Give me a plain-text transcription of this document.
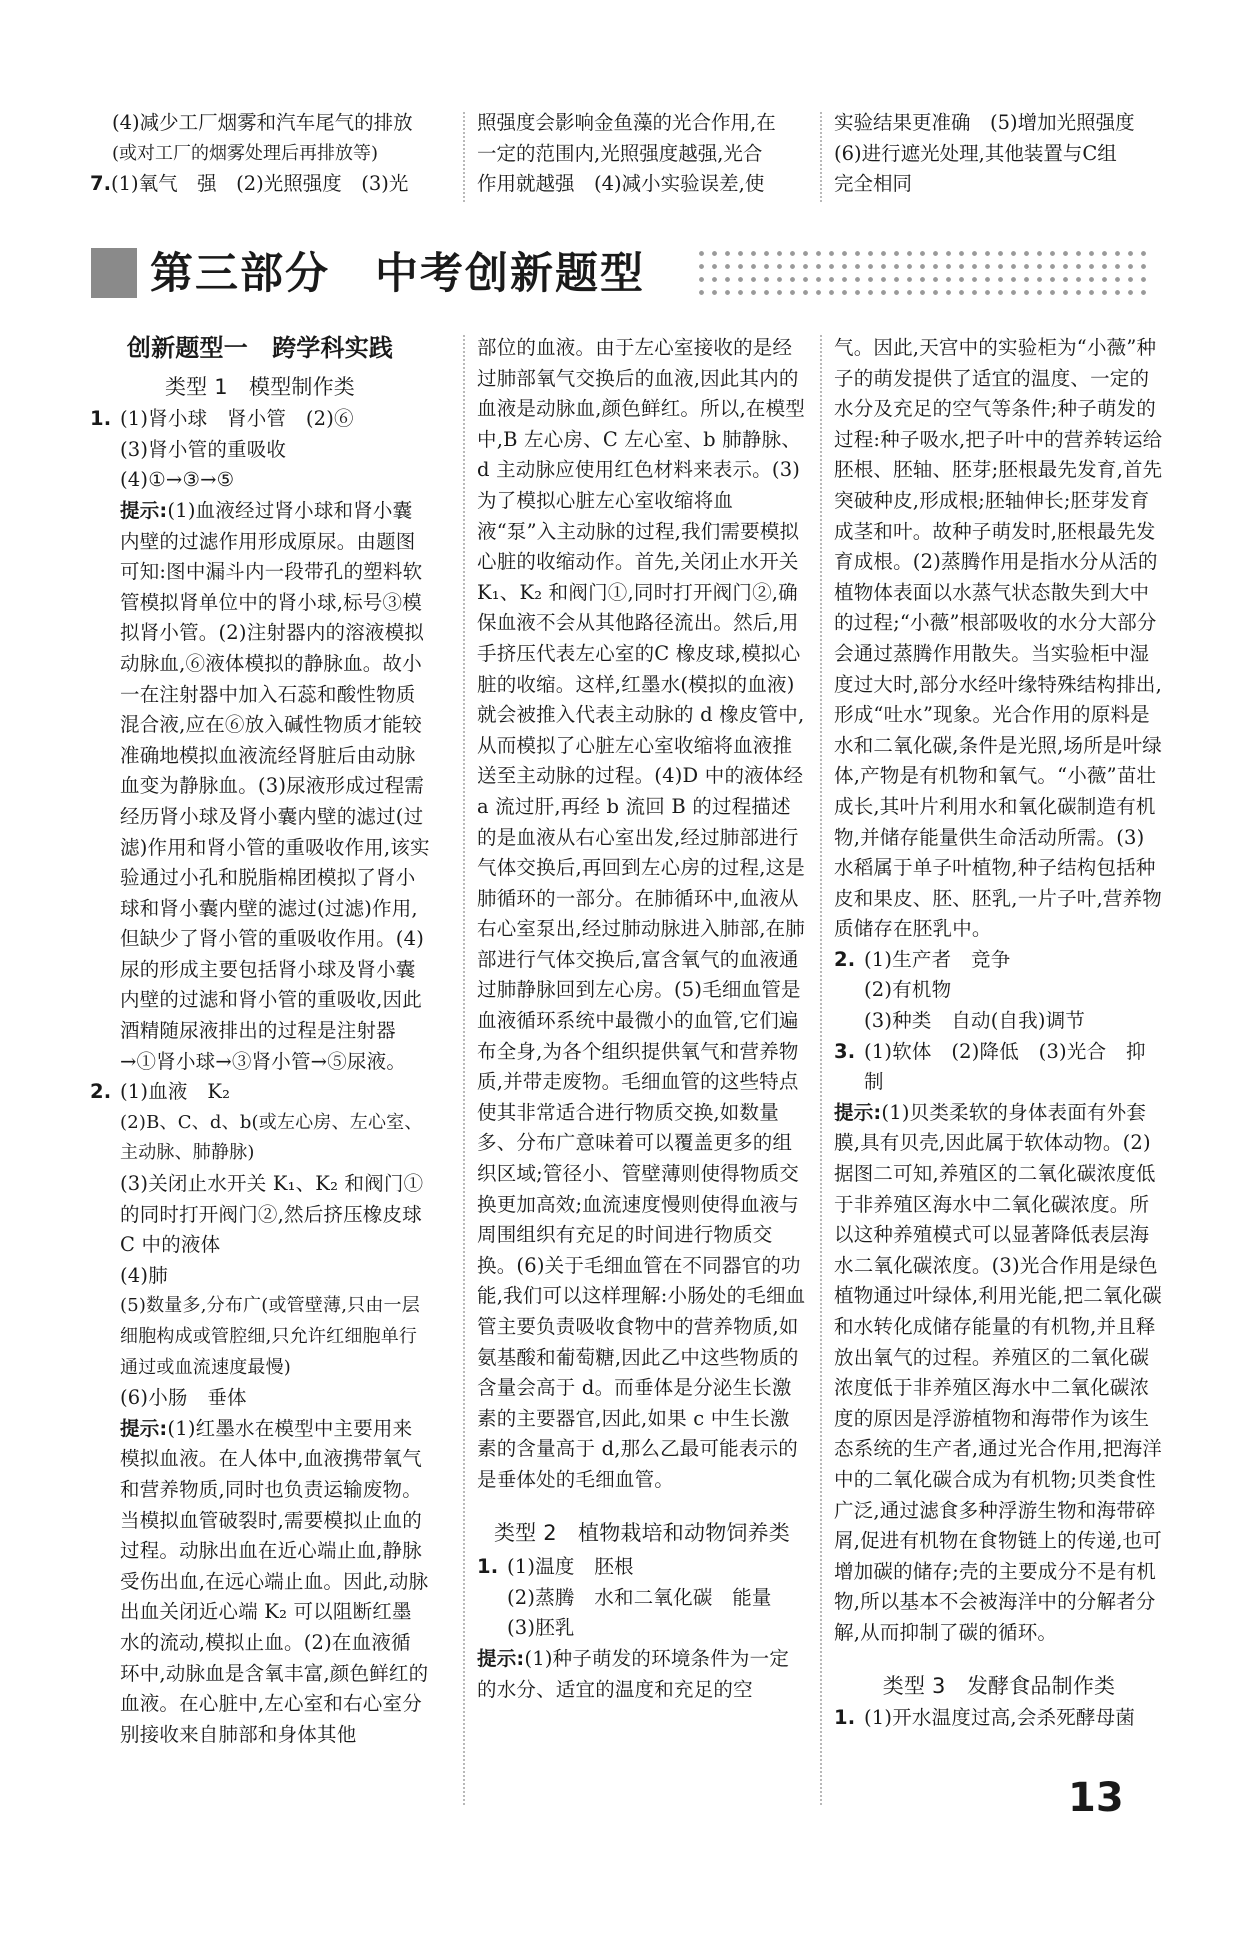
(4)减少工厂烟雾和汽车尾气的排放

(或对工厂的烟雾处理后再排放等)

7.(1)氧气　强　(2)光照强度　(3)光

照强度会影响金鱼藻的光合作用,在

一定的范围内,光照强度越强,光合

作用就越强　(4)减小实验误差,使

实验结果更准确　(5)增加光照强度

(6)进行遮光处理,其他装置与C组

完全相同

第三部分　中考创新题型

创新题型一　跨学科实践

类型 1　模型制作类

1. (1)肾小球　肾小管　(2)⑥

(3)肾小管的重吸收

(4)①→③→⑤

提示:(1)血液经过肾小球和肾小囊内壁的过滤作用形成原尿。由题图可知:图中漏斗内一段带孔的塑料软管模拟肾单位中的肾小球,标号③模拟肾小管。(2)注射器内的溶液模拟动脉血,⑥液体模拟的静脉血。故小一在注射器中加入石蕊和酸性物质混合液,应在⑥放入碱性物质才能较准确地模拟血液流经肾脏后由动脉血变为静脉血。(3)尿液形成过程需经历肾小球及肾小囊内壁的滤过(过滤)作用和肾小管的重吸收作用,该实验通过小孔和脱脂棉团模拟了肾小球和肾小囊内壁的滤过(过滤)作用,但缺少了肾小管的重吸收作用。(4)尿的形成主要包括肾小球及肾小囊内壁的过滤和肾小管的重吸收,因此酒精随尿液排出的过程是注射器→①肾小球→③肾小管→⑤尿液。

2. (1)血液　K₂

(2)B、C、d、b(或左心房、左心室、主动脉、肺静脉)

(3)关闭止水开关 K₁、K₂ 和阀门①的同时打开阀门②,然后挤压橡皮球 C 中的液体

(4)肺

(5)数量多,分布广(或管壁薄,只由一层细胞构成或管腔细,只允许红细胞单行通过或血流速度最慢)

(6)小肠　垂体

提示:(1)红墨水在模型中主要用来模拟血液。在人体中,血液携带氧气和营养物质,同时也负责运输废物。当模拟血管破裂时,需要模拟止血的过程。动脉出血在近心端止血,静脉受伤出血,在远心端止血。因此,动脉出血关闭近心端 K₂ 可以阻断红墨水的流动,模拟止血。(2)在血液循环中,动脉血是含氧丰富,颜色鲜红的血液。在心脏中,左心室和右心室分别接收来自肺部和身体其他

部位的血液。由于左心室接收的是经过肺部氧气交换后的血液,因此其内的血液是动脉血,颜色鲜红。所以,在模型中,B 左心房、C 左心室、b 肺静脉、d 主动脉应使用红色材料来表示。(3)为了模拟心脏左心室收缩将血液“泵”入主动脉的过程,我们需要模拟心脏的收缩动作。首先,关闭止水开关 K₁、K₂ 和阀门①,同时打开阀门②,确保血液不会从其他路径流出。然后,用手挤压代表左心室的C 橡皮球,模拟心脏的收缩。这样,红墨水(模拟的血液)就会被推入代表主动脉的 d 橡皮管中,从而模拟了心脏左心室收缩将血液推送至主动脉的过程。(4)D 中的液体经 a 流过肝,再经 b 流回 B 的过程描述的是血液从右心室出发,经过肺部进行气体交换后,再回到左心房的过程,这是肺循环的一部分。在肺循环中,血液从右心室泵出,经过肺动脉进入肺部,在肺部进行气体交换后,富含氧气的血液通过肺静脉回到左心房。(5)毛细血管是血液循环系统中最微小的血管,它们遍布全身,为各个组织提供氧气和营养物质,并带走废物。毛细血管的这些特点使其非常适合进行物质交换,如数量多、分布广意味着可以覆盖更多的组织区域;管径小、管壁薄则使得物质交换更加高效;血流速度慢则使得血液与周围组织有充足的时间进行物质交换。(6)关于毛细血管在不同器官的功能,我们可以这样理解:小肠处的毛细血管主要负责吸收食物中的营养物质,如氨基酸和葡萄糖,因此乙中这些物质的含量会高于 d。而垂体是分泌生长激素的主要器官,因此,如果 c 中生长激素的含量高于 d,那么乙最可能表示的是垂体处的毛细血管。

类型 2　植物栽培和动物饲养类

1. (1)温度　胚根

(2)蒸腾　水和二氧化碳　能量

(3)胚乳

提示:(1)种子萌发的环境条件为一定的水分、适宜的温度和充足的空

气。因此,天宫中的实验柜为“小薇”种子的萌发提供了适宜的温度、一定的水分及充足的空气等条件;种子萌发的过程:种子吸水,把子叶中的营养转运给胚根、胚轴、胚芽;胚根最先发育,首先突破种皮,形成根;胚轴伸长;胚芽发育成茎和叶。故种子萌发时,胚根最先发育成根。(2)蒸腾作用是指水分从活的植物体表面以水蒸气状态散失到大中的过程;“小薇”根部吸收的水分大部分会通过蒸腾作用散失。当实验柜中湿度过大时,部分水经叶缘特殊结构排出,形成“吐水”现象。光合作用的原料是水和二氧化碳,条件是光照,场所是叶绿体,产物是有机物和氧气。“小薇”苗壮成长,其叶片利用水和氧化碳制造有机物,并储存能量供生命活动所需。(3)水稻属于单子叶植物,种子结构包括种皮和果皮、胚、胚乳,一片子叶,营养物质储存在胚乳中。

2. (1)生产者　竞争

(2)有机物

(3)种类　自动(自我)调节

3. (1)软体　(2)降低　(3)光合　抑制

提示:(1)贝类柔软的身体表面有外套膜,具有贝壳,因此属于软体动物。(2)据图二可知,养殖区的二氧化碳浓度低于非养殖区海水中二氧化碳浓度。所以这种养殖模式可以显著降低表层海水二氧化碳浓度。(3)光合作用是绿色植物通过叶绿体,利用光能,把二氧化碳和水转化成储存能量的有机物,并且释放出氧气的过程。养殖区的二氧化碳浓度低于非养殖区海水中二氧化碳浓度的原因是浮游植物和海带作为该生态系统的生产者,通过光合作用,把海洋中的二氧化碳合成为有机物;贝类食性广泛,通过滤食多种浮游生物和海带碎屑,促进有机物在食物链上的传递,也可增加碳的储存;壳的主要成分不是有机物,所以基本不会被海洋中的分解者分解,从而抑制了碳的循环。

类型 3　发酵食品制作类

1. (1)开水温度过高,会杀死酵母菌

13
